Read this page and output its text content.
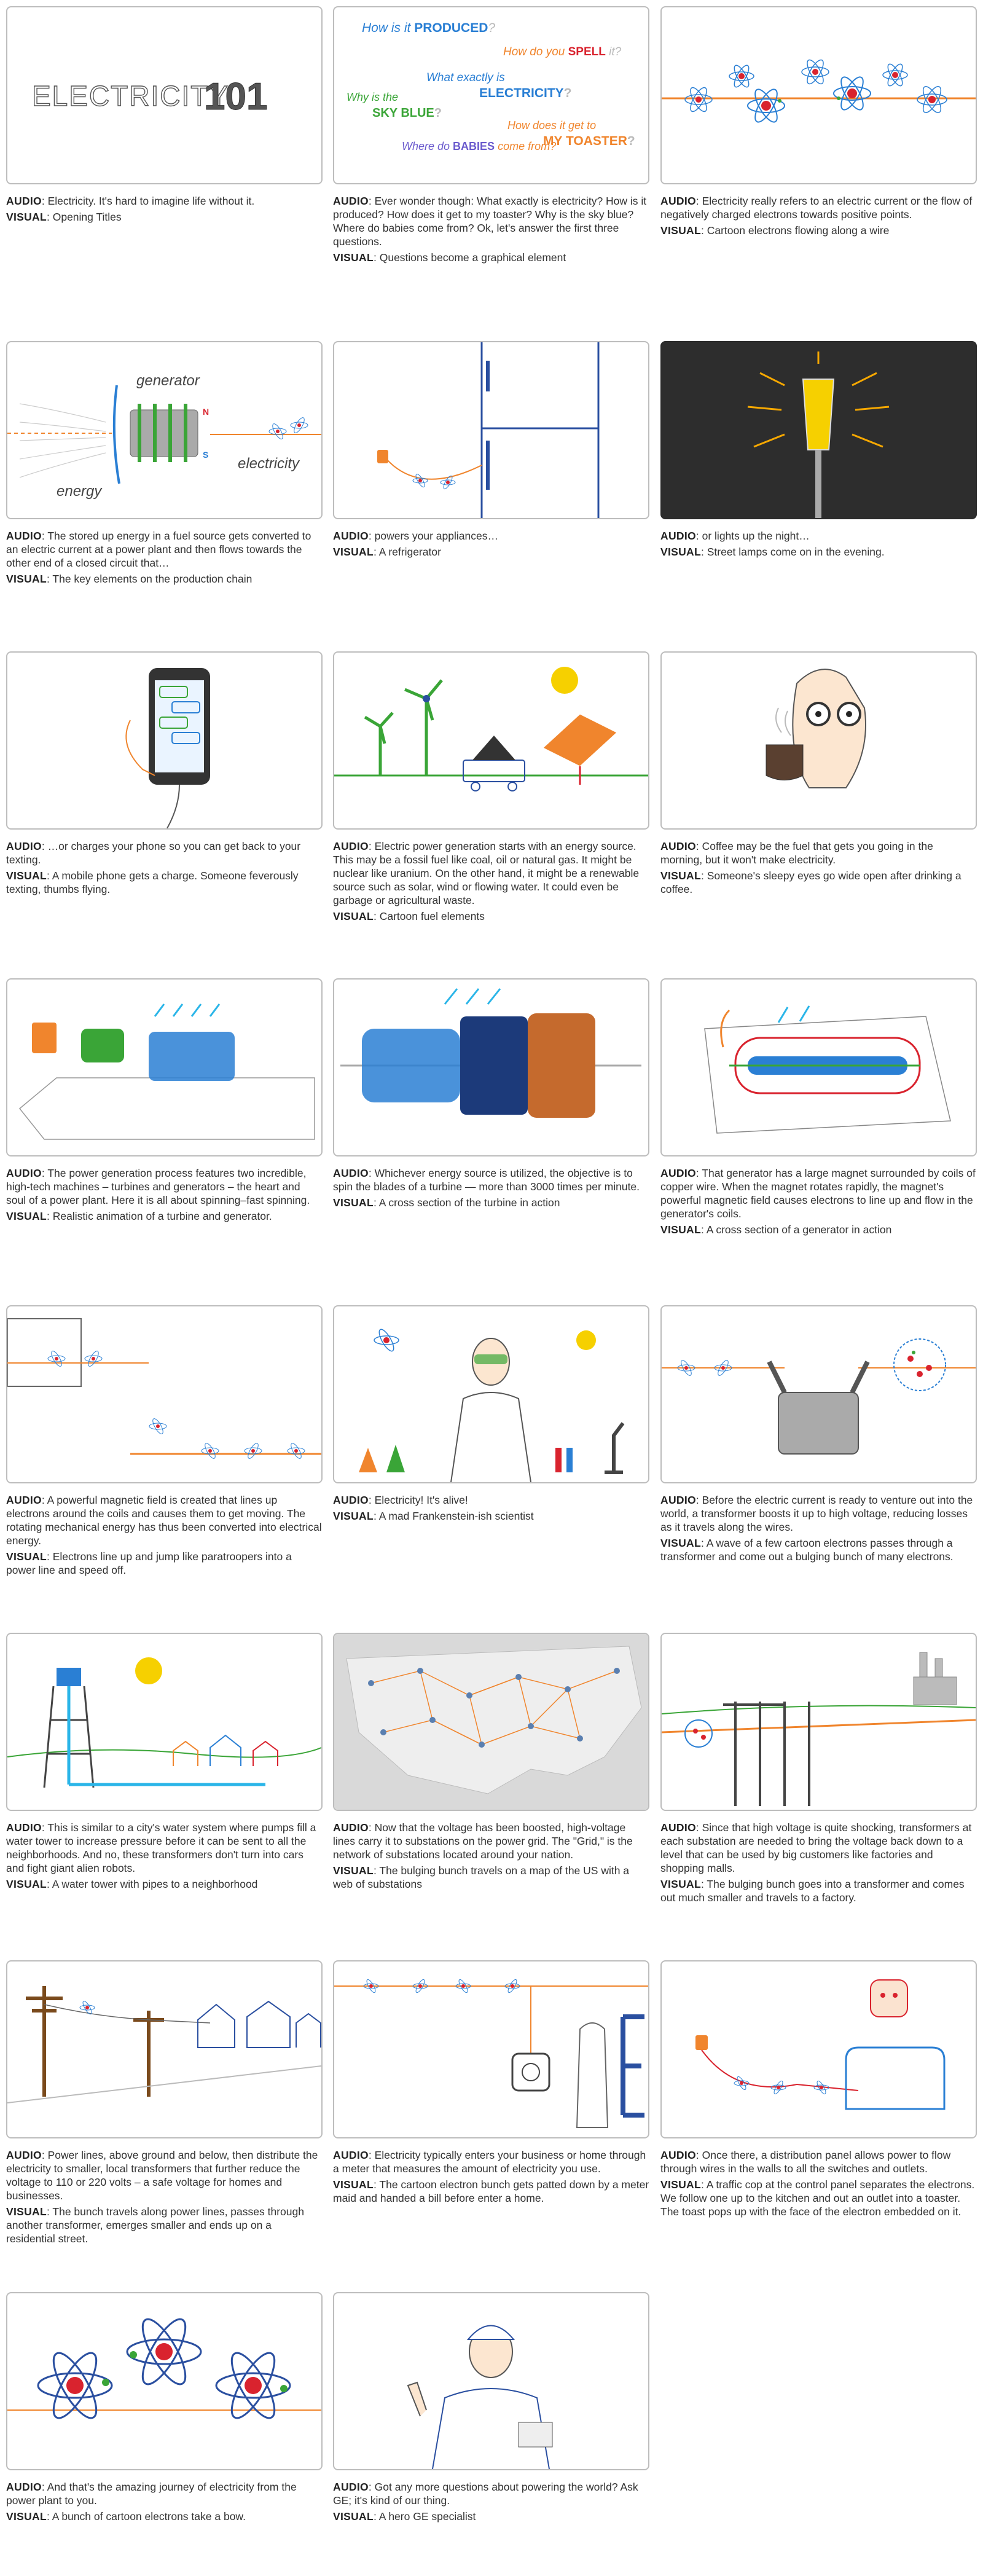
ELECTRICITY
101

AUDIO: Electricity. It's hard to imagine life without it.

VISUAL: Opening Titles

How is it PRODUCED?
How do you SPELL it?
What exactly is
ELECTRICITY?
Why is the
SKY BLUE?
How does it get to
MY TOASTER?
Where do BABIES come from?

AUDIO: Ever wonder though: What exactly is electricity? How is it produced? How does it get to my toaster? Why is the sky blue? Where do babies come from? Ok, let's answer the first three questions.

VISUAL: Questions become a graphical element

AUDIO: Electricity really refers to an electric current or the flow of negatively charged electrons towards positive points.

VISUAL: Cartoon electrons flowing along a wire

N
S
generator
energy
electricity

AUDIO: The stored up energy in a fuel source gets converted to an electric current at a power plant and then flows towards the other end of a closed circuit that…

VISUAL: The key elements on the production chain

AUDIO: powers your appliances…

VISUAL: A refrigerator

AUDIO: or lights up the night…

VISUAL: Street lamps come on in the evening.

AUDIO: …or charges your phone so you can get back to your texting.

VISUAL: A mobile phone gets a charge. Someone feverously texting, thumbs flying.

AUDIO: Electric power generation starts with an energy source. This may be a fossil fuel like coal, oil or natural gas. It might be nuclear like uranium. On the other hand, it might be a renewable source such as solar, wind or flowing water. It could even be garbage or agricultural waste.

VISUAL: Cartoon fuel elements

AUDIO: Coffee may be the fuel that gets you going in the morning, but it won't make electricity.

VISUAL: Someone's sleepy eyes go wide open after drinking a coffee.

AUDIO: The power generation process features two incredible, high-tech machines – turbines and generators – the heart and soul of a power plant. Here it is all about spinning–fast spinning.

VISUAL: Realistic animation of a turbine and generator.

AUDIO: Whichever energy source is utilized, the objective is to spin the blades of a turbine — more than 3000 times per minute.

VISUAL: A cross section of the turbine in action

AUDIO: That generator has a large magnet surrounded by coils of copper wire. When the magnet rotates rapidly, the magnet's powerful magnetic field causes electrons to line up and flow in the generator's coils.

VISUAL: A cross section of a generator in action

AUDIO: A powerful magnetic field is created that lines up electrons around the coils and causes them to get moving. The rotating mechanical energy has thus been converted into electrical energy.

VISUAL: Electrons line up and jump like paratroopers into a power line and speed off.

AUDIO: Electricity! It's alive!

VISUAL: A mad Frankenstein-ish scientist

AUDIO: Before the electric current is ready to venture out into the world, a transformer boosts it up to high voltage, reducing losses as it travels along the wires.

VISUAL: A wave of a few cartoon electrons passes through a transformer and come out a bulging bunch of many electrons.

AUDIO: This is similar to a city's water system where pumps fill a water tower to increase pressure before it can be sent to all the neighborhoods. And no, these transformers don't turn into cars and fight giant alien robots.

VISUAL: A water tower with pipes to a neighborhood

AUDIO: Now that the voltage has been boosted, high-voltage lines carry it to substations on the power grid. The "Grid," is the network of substations located around your nation.

VISUAL: The bulging bunch travels on a map of the US with a web of substations

AUDIO: Since that high voltage is quite shocking, transformers at each substation are needed to bring the voltage back down to a level that can be used by big customers like factories and shopping malls.

VISUAL: The bulging bunch goes into a transformer and comes out much smaller and travels to a factory.

AUDIO: Power lines, above ground and below, then distribute the electricity to smaller, local transformers that further reduce the voltage to 110 or 220 volts – a safe voltage for homes and businesses.

VISUAL: The bunch travels along power lines, passes through another transformer, emerges smaller and ends up on a residential street.

AUDIO: Electricity typically enters your business or home through a meter that measures the amount of electricity you use.

VISUAL: The cartoon electron bunch gets patted down by a meter maid and handed a bill before enter a home.

AUDIO: Once there, a distribution panel allows power to flow through wires in the walls to all the switches and outlets.

VISUAL: A traffic cop at the control panel separates the electrons. We follow one up to the kitchen and out an outlet into a toaster. The toast pops up with the face of the electron embedded on it.

AUDIO: And that's the amazing journey of electricity from the power plant to you.

VISUAL: A bunch of cartoon electrons take a bow.

AUDIO: Got any more questions about powering the world? Ask GE; it's kind of our thing.

VISUAL: A hero GE specialist
